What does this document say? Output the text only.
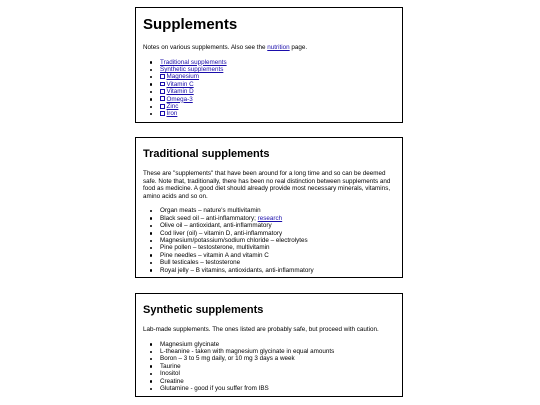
Supplements

Notes on various supplements. Also see the nutrition page.

Traditional supplements
Synthetic supplements
Magnesium
Vitamin C
Vitamin D
Omega-3
Zinc
Iron
Traditional supplements

These are "supplements" that have been around for a long time and so can be deemed safe. Note that, traditionally, there has been no real distinction between supplements and food as medicine. A good diet should already provide most necessary minerals, vitamins, amino acids and so on.

Organ meats – nature's multivitamin
Black seed oil – anti-inflammatory; research
Olive oil – antioxidant, anti-inflammatory
Cod liver (oil) – vitamin D, anti-inflammatory
Magnesium/potassium/sodium chloride – electrolytes
Pine pollen – testosterone, multivitamin
Pine needles – vitamin A and vitamin C
Bull testicales – testosterone
Royal jelly – B vitamins, antioxidants, anti-inflammatory
Synthetic supplements

Lab-made supplements. The ones listed are probably safe, but proceed with caution.

Magnesium glycinate
L-theanine - taken with magnesium glycinate in equal amounts
Boron – 3 to 5 mg daily, or 10 mg 3 days a week
Taurine
Inositol
Creatine
Glutamine - good if you suffer from IBS
